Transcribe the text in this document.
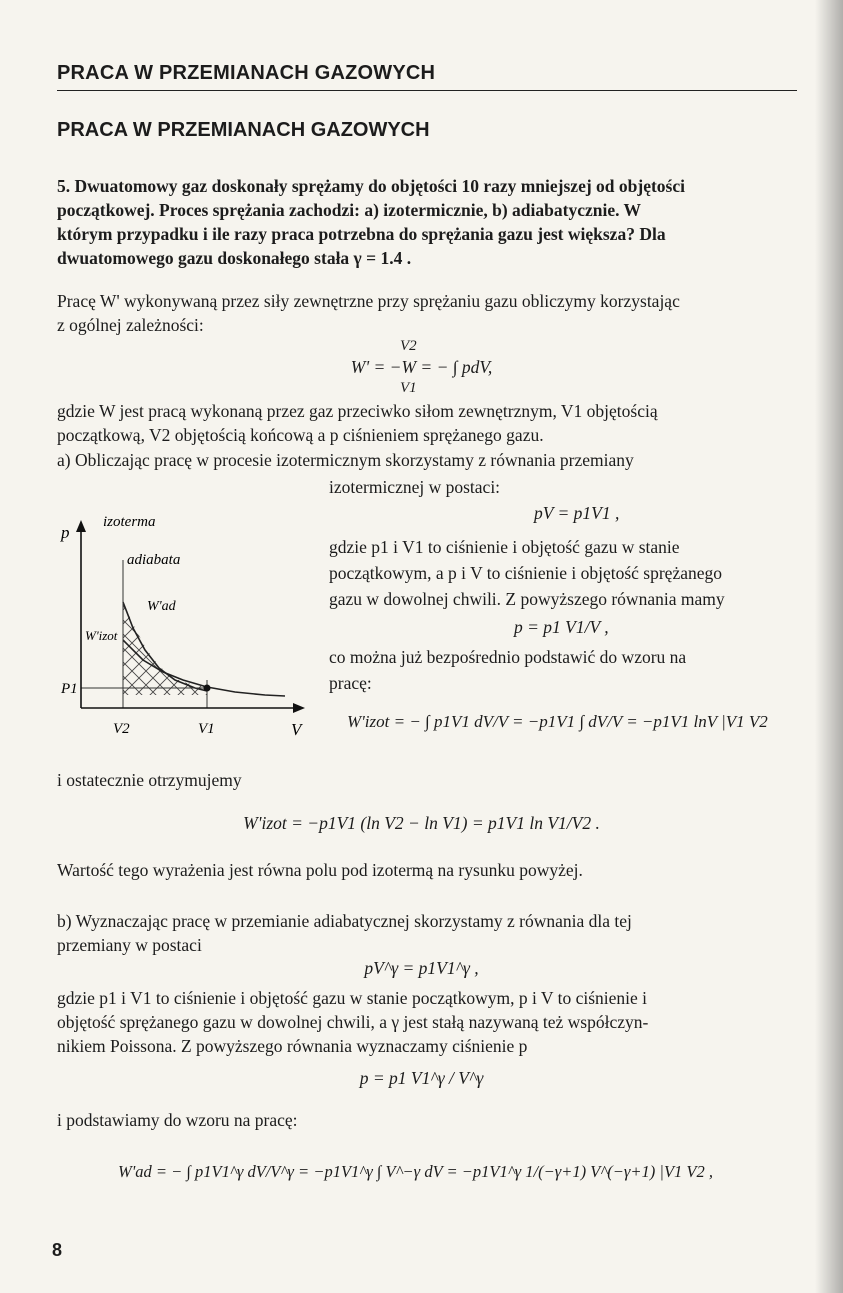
PRACA W PRZEMIANACH GAZOWYCH
PRACA W PRZEMIANACH GAZOWYCH
5. Dwuatomowy gaz doskonały sprężamy do objętości 10 razy mniejszej od objętości
początkowej. Proces sprężania zachodzi: a) izotermicznie, b) adiabatycznie. W
którym przypadku i ile razy praca potrzebna do sprężania gazu jest większa? Dla
dwuatomowego gazu doskonałego stała γ = 1.4 .
Pracę W' wykonywaną przez siły zewnętrzne przy sprężaniu gazu obliczymy korzystając
z ogólnej zależności:
V2
W' = −W = − ∫ pdV,
V1
gdzie W jest pracą wykonaną przez gaz przeciwko siłom zewnętrznym, V1 objętością
początkową, V2 objętością końcową a p ciśnieniem sprężanego gazu.
a) Obliczając pracę w procesie izotermicznym skorzystamy z równania przemiany
izotermicznej w postaci:
pV = p1V1 ,
gdzie p1 i V1 to ciśnienie i objętość gazu w stanie
początkowym, a p i V to ciśnienie i objętość sprężanego
gazu w dowolnej chwili. Z powyższego równania mamy
p = p1 V1/V ,
co można już bezpośrednio podstawić do wzoru na
pracę:
W'izot = − ∫ p1V1 dV/V = −p1V1 ∫ dV/V = −p1V1 lnV |V1 V2
izoterma
adiabata
p
V
W'ad
W'izot
P1
V2	V1
i ostatecznie otrzymujemy
W'izot = −p1V1 (ln V2 − ln V1) = p1V1 ln V1/V2 .
Wartość tego wyrażenia jest równa polu pod izotermą na rysunku powyżej.
b) Wyznaczając pracę w przemianie adiabatycznej skorzystamy z równania dla tej
przemiany w postaci
pV^γ = p1V1^γ ,
gdzie p1 i V1 to ciśnienie i objętość gazu w stanie początkowym, p i V to ciśnienie i
objętość sprężanego gazu w dowolnej chwili, a γ jest stałą nazywaną też współczyn-
nikiem Poissona. Z powyższego równania wyznaczamy ciśnienie p
p = p1 V1^γ / V^γ
i podstawiamy do wzoru na pracę:
W'ad = − ∫ p1V1^γ dV/V^γ = −p1V1^γ ∫ V^−γ dV = −p1V1^γ 1/(−γ+1) V^(−γ+1) |V1 V2 ,
8
